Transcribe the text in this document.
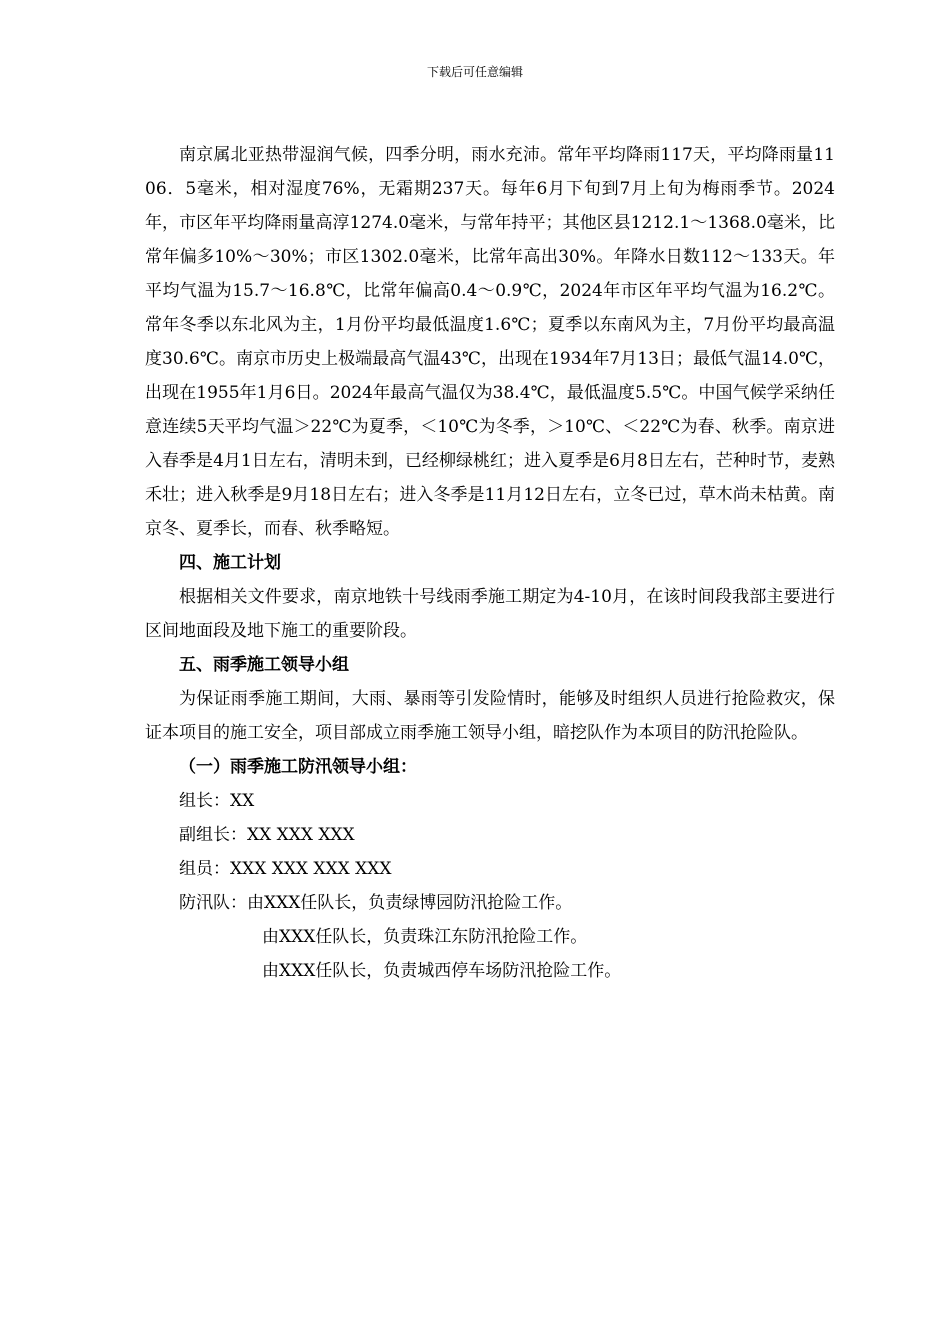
下载后可任意编辑

南京属北亚热带湿润气候，四季分明，雨水充沛。常年平均降雨117天，平均降雨量1106．5毫米，相对湿度76%，无霜期237天。每年6月下旬到7月上旬为梅雨季节。2024年，市区年平均降雨量高淳1274.0毫米，与常年持平；其他区县1212.1～1368.0毫米，比常年偏多10%～30%；市区1302.0毫米，比常年高出30%。年降水日数112～133天。年平均气温为15.7～16.8℃，比常年偏高0.4～0.9℃，2024年市区年平均气温为16.2℃。常年冬季以东北风为主，1月份平均最低温度1.6℃；夏季以东南风为主，7月份平均最高温度30.6℃。南京市历史上极端最高气温43℃，出现在1934年7月13日；最低气温14.0℃，出现在1955年1月6日。2024年最高气温仅为38.4℃，最低温度5.5℃。中国气候学采纳任意连续5天平均气温＞22℃为夏季，＜10℃为冬季，＞10℃、＜22℃为春、秋季。南京进入春季是4月1日左右，清明未到，已经柳绿桃红；进入夏季是6月8日左右，芒种时节，麦熟禾壮；进入秋季是9月18日左右；进入冬季是11月12日左右，立冬已过，草木尚未枯黄。南京冬、夏季长，而春、秋季略短。

四、施工计划

根据相关文件要求，南京地铁十号线雨季施工期定为4-10月，在该时间段我部主要进行区间地面段及地下施工的重要阶段。

五、雨季施工领导小组

为保证雨季施工期间，大雨、暴雨等引发险情时，能够及时组织人员进行抢险救灾，保证本项目的施工安全，项目部成立雨季施工领导小组，暗挖队作为本项目的防汛抢险队。

（一）雨季施工防汛领导小组：

组长：XX

副组长：XX XXX XXX

组员：XXX XXX XXX XXX

防汛队：由XXX任队长，负责绿博园防汛抢险工作。

由XXX任队长，负责珠江东防汛抢险工作。

由XXX任队长，负责城西停车场防汛抢险工作。
